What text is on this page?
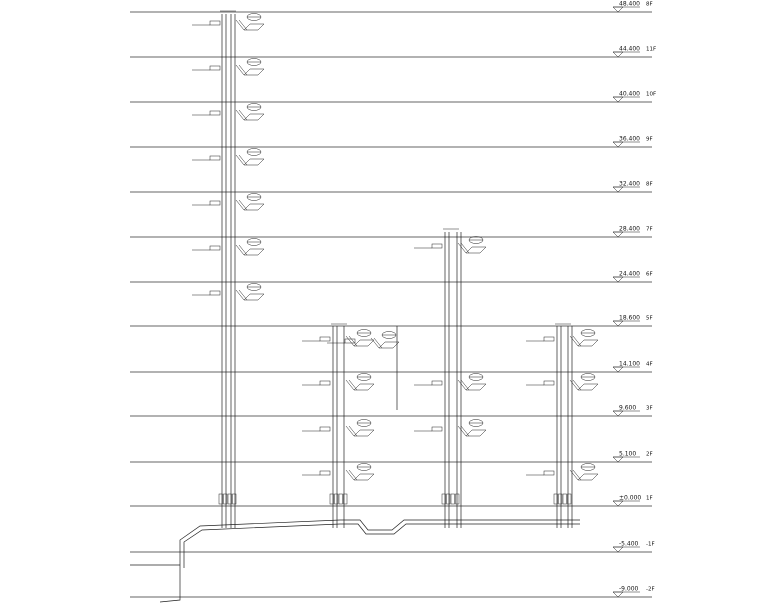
48.400 8F
44.400 11F
40.400 10F
36.400 9F
32.400 8F
28.400 7F
24.400 6F
18.600 5F
14.100 4F
9.600 3F
5.100 2F
±0.000 1F
-5.400 -1F
-9.000 -2F
